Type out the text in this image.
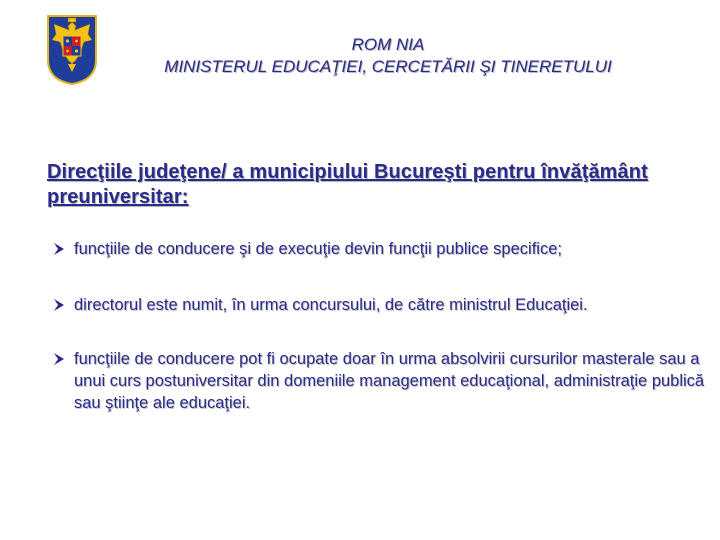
ROM NIA
MINISTERUL EDUCAŢIEI, CERCETĂRII ŞI TINERETULUI
Direcţiile judeţene/ a municipiului Bucureşti pentru învăţământ preuniversitar:
funcţiile de conducere şi de execuţie devin funcţii publice specifice;
directorul este numit, în urma concursului, de către ministrul Educaţiei.
funcţiile de conducere pot fi ocupate doar în urma absolvirii cursurilor masterale sau a unui curs postuniversitar din domeniile management educaţional, administraţie publică sau ştiinţe ale educaţiei.
